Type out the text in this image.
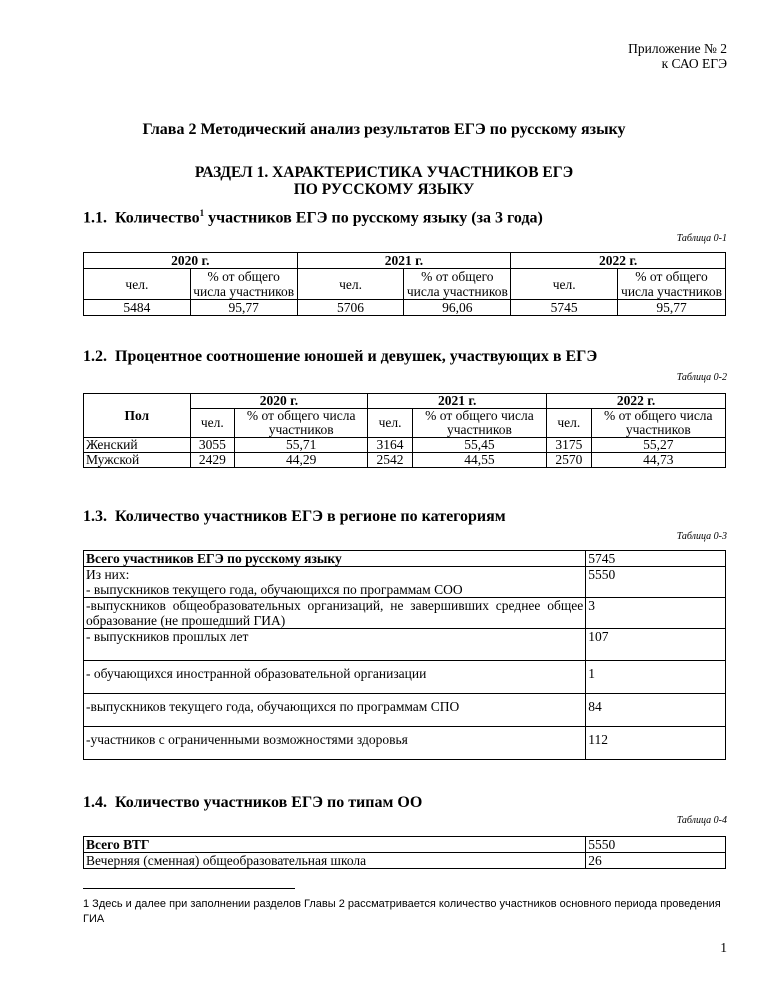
Приложение № 2
к САО ЕГЭ
Глава 2 Методический анализ результатов ЕГЭ по русскому языку
РАЗДЕЛ 1. ХАРАКТЕРИСТИКА УЧАСТНИКОВ ЕГЭ
ПО РУССКОМУ ЯЗЫКУ
1.1. Количество$^1$ участников ЕГЭ по русскому языку (за 3 года)
Таблица 0-1
2020 г.		2021 г.		2022 г.	
чел.	% от общего числа участников	чел.	% от общего числа участников	чел.	% от общего числа участников
5484	95,77	5706	96,06	5745	95,77
1.2. Процентное соотношение юношей и девушек, участвующих в ЕГЭ
Таблица 0-2
Пол	2020 г.		2021 г.		2022 г.	
	чел.	% от общего числа участников	чел.	% от общего числа участников	чел.	% от общего числа участников
Женский	3055	55,71	3164	55,45	3175	55,27
Мужской	2429	44,29	2542	44,55	2570	44,73
1.3. Количество участников ЕГЭ в регионе по категориям
Таблица 0-3
Всего участников ЕГЭ по русскому языку	5745

Из них:
- выпускников текущего года, обучающихся по программам СОО	5550
-выпускников общеобразовательных организаций, не завершивших среднее общее образование (не прошедший ГИА)	3
- выпускников прошлых лет	107
- обучающихся иностранной образовательной организации	1
-выпускников текущего года, обучающихся по программам СПО	84
-участников с ограниченными возможностями здоровья	112
1.4. Количество участников ЕГЭ по типам ОО
Таблица 0-4
Всего ВТГ	5550
Вечерняя (сменная) общеобразовательная школа	26
1 Здесь и далее при заполнении разделов Главы 2 рассматривается количество участников основного периода проведения ГИА
1
